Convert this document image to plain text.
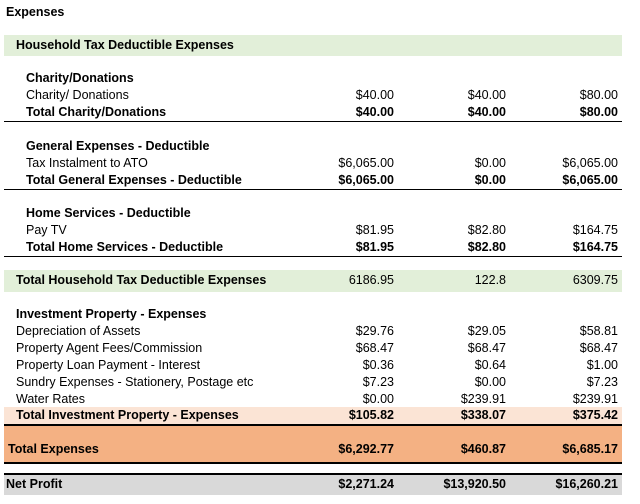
Expenses
Household Tax Deductible Expenses
Charity/Donations
Charity/ Donations	$40.00	$40.00	$80.00
Total Charity/Donations	$40.00	$40.00	$80.00
General Expenses - Deductible
Tax Instalment to ATO	$6,065.00	$0.00	$6,065.00
Total General Expenses - Deductible	$6,065.00	$0.00	$6,065.00
Home Services - Deductible
Pay TV	$81.95	$82.80	$164.75
Total Home Services - Deductible	$81.95	$82.80	$164.75
Total Household Tax Deductible Expenses	6186.95	122.8	6309.75
Investment Property - Expenses
Depreciation of Assets	$29.76	$29.05	$58.81
Property Agent Fees/Commission	$68.47	$68.47	$68.47
Property Loan Payment - Interest	$0.36	$0.64	$1.00
Sundry Expenses - Stationery, Postage etc	$7.23	$0.00	$7.23
Water Rates	$0.00	$239.91	$239.91
Total Investment Property - Expenses	$105.82	$338.07	$375.42
Total Expenses	$6,292.77	$460.87	$6,685.17
Net Profit	$2,271.24	$13,920.50	$16,260.21
